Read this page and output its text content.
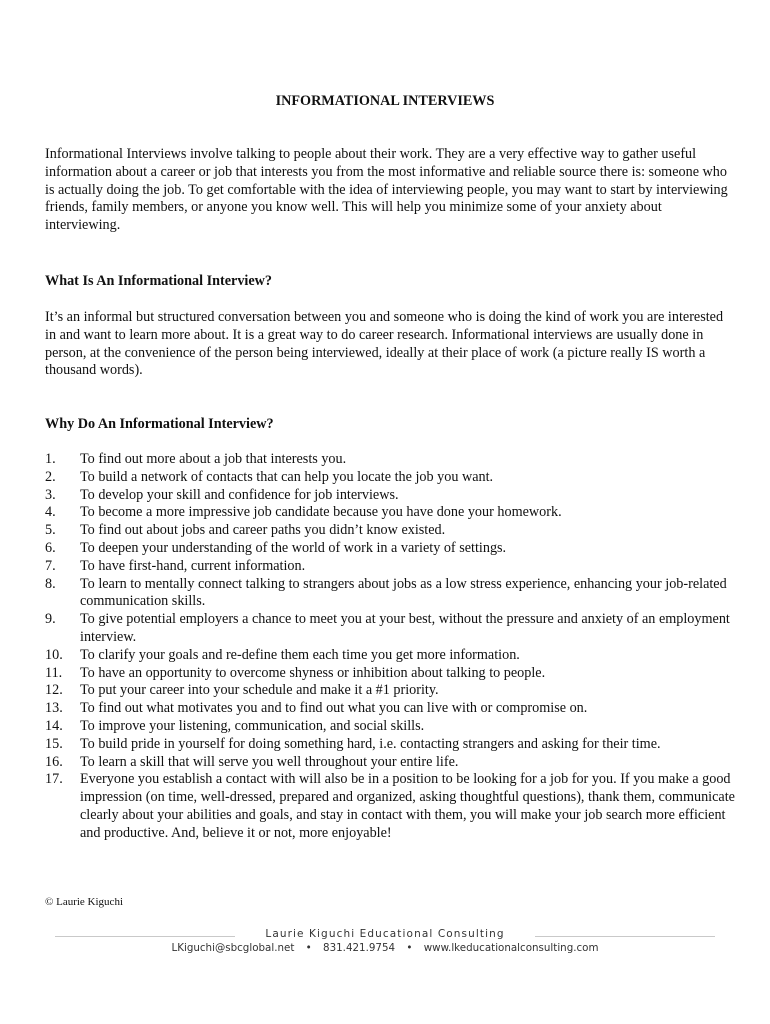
INFORMATIONAL INTERVIEWS

Informational Interviews involve talking to people about their work. They are a very effective way to gather useful information about a career or job that interests you from the most informative and reliable source there is: someone who is actually doing the job. To get comfortable with the idea of interviewing people, you may want to start by interviewing friends, family members, or anyone you know well. This will help you minimize some of your anxiety about interviewing.

What Is An Informational Interview?

It’s an informal but structured conversation between you and someone who is doing the kind of work you are interested in and want to learn more about. It is a great way to do career research. Informational interviews are usually done in person, at the convenience of the person being interviewed, ideally at their place of work (a picture really IS worth a thousand words).

Why Do An Informational Interview?

1.	To find out more about a job that interests you.
2.	To build a network of contacts that can help you locate the job you want.
3.	To develop your skill and confidence for job interviews.
4.	To become a more impressive job candidate because you have done your homework.
5.	To find out about jobs and career paths you didn’t know existed.
6.	To deepen your understanding of the world of work in a variety of settings.
7.	To have first-hand, current information.
8.	To learn to mentally connect talking to strangers about jobs as a low stress experience, enhancing your job-related communication skills.
9.	To give potential employers a chance to meet you at your best, without the pressure and anxiety of an employment interview.
10.	To clarify your goals and re-define them each time you get more information.
11.	To have an opportunity to overcome shyness or inhibition about talking to people.
12.	To put your career into your schedule and make it a #1 priority.
13.	To find out what motivates you and to find out what you can live with or compromise on.
14.	To improve your listening, communication, and social skills.
15.	To build pride in yourself for doing something hard, i.e. contacting strangers and asking for their time.
16.	To learn a skill that will serve you well throughout your entire life.
17.	Everyone you establish a contact with will also be in a position to be looking for a job for you. If you make a good impression (on time, well-dressed, prepared and organized, asking thoughtful questions), thank them, communicate clearly about your abilities and goals, and stay in contact with them, you will make your job search more efficient and productive. And, believe it or not, more enjoyable!
© Laurie Kiguchi
Laurie Kiguchi Educational Consulting
LKiguchi@sbcglobal.net • 831.421.9754 • www.lkeducationalconsulting.com
